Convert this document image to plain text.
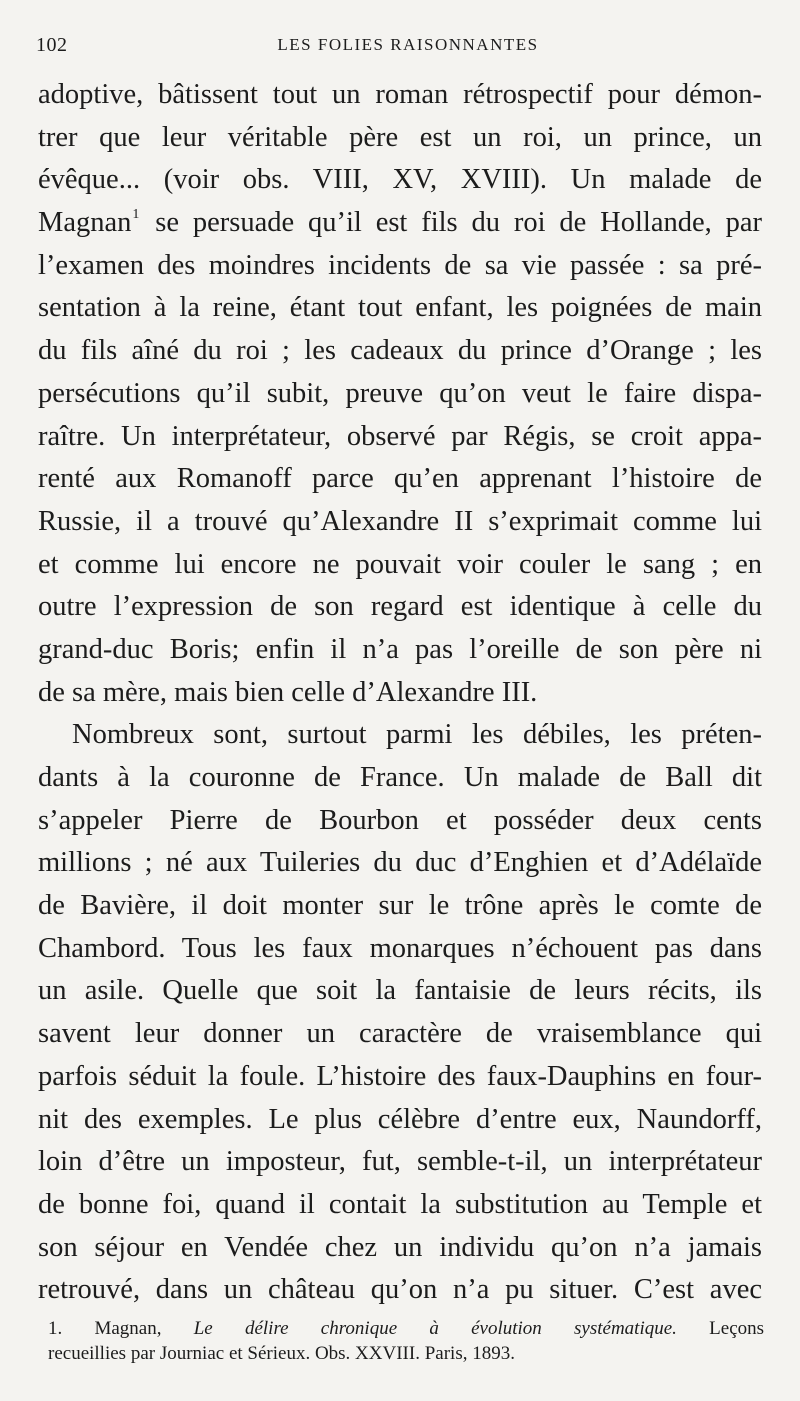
102	LES FOLIES RAISONNANTES
adoptive, bâtissent tout un roman rétrospectif pour démon-
trer que leur véritable père est un roi, un prince, un
évêque... (voir obs. VIII, XV, XVIII). Un malade de
Magnan$^1$ se persuade qu’il est fils du roi de Hollande, par
l’examen des moindres incidents de sa vie passée : sa pré-
sentation à la reine, étant tout enfant, les poignées de main
du fils aîné du roi ; les cadeaux du prince d’Orange ; les
persécutions qu’il subit, preuve qu’on veut le faire dispa-
raître. Un interprétateur, observé par Régis, se croit appa-
renté aux Romanoff parce qu’en apprenant l’histoire de
Russie, il a trouvé qu’Alexandre II s’exprimait comme lui
et comme lui encore ne pouvait voir couler le sang ; en
outre l’expression de son regard est identique à celle du
grand-duc Boris; enfin il n’a pas l’oreille de son père ni
de sa mère, mais bien celle d’Alexandre III.
Nombreux sont, surtout parmi les débiles, les préten-
dants à la couronne de France. Un malade de Ball dit
s’appeler Pierre de Bourbon et posséder deux cents
millions ; né aux Tuileries du duc d’Enghien et d’Adélaïde
de Bavière, il doit monter sur le trône après le comte de
Chambord. Tous les faux monarques n’échouent pas dans
un asile. Quelle que soit la fantaisie de leurs récits, ils
savent leur donner un caractère de vraisemblance qui
parfois séduit la foule. L’histoire des faux-Dauphins en four-
nit des exemples. Le plus célèbre d’entre eux, Naundorff,
loin d’être un imposteur, fut, semble-t-il, un interprétateur
de bonne foi, quand il contait la substitution au Temple et
son séjour en Vendée chez un individu qu’on n’a jamais
retrouvé, dans un château qu’on n’a pu situer. C’est avec
1. Magnan, Le délire chronique à évolution systématique. Leçons
recueillies par Journiac et Sérieux. Obs. XXVIII. Paris, 1893.
